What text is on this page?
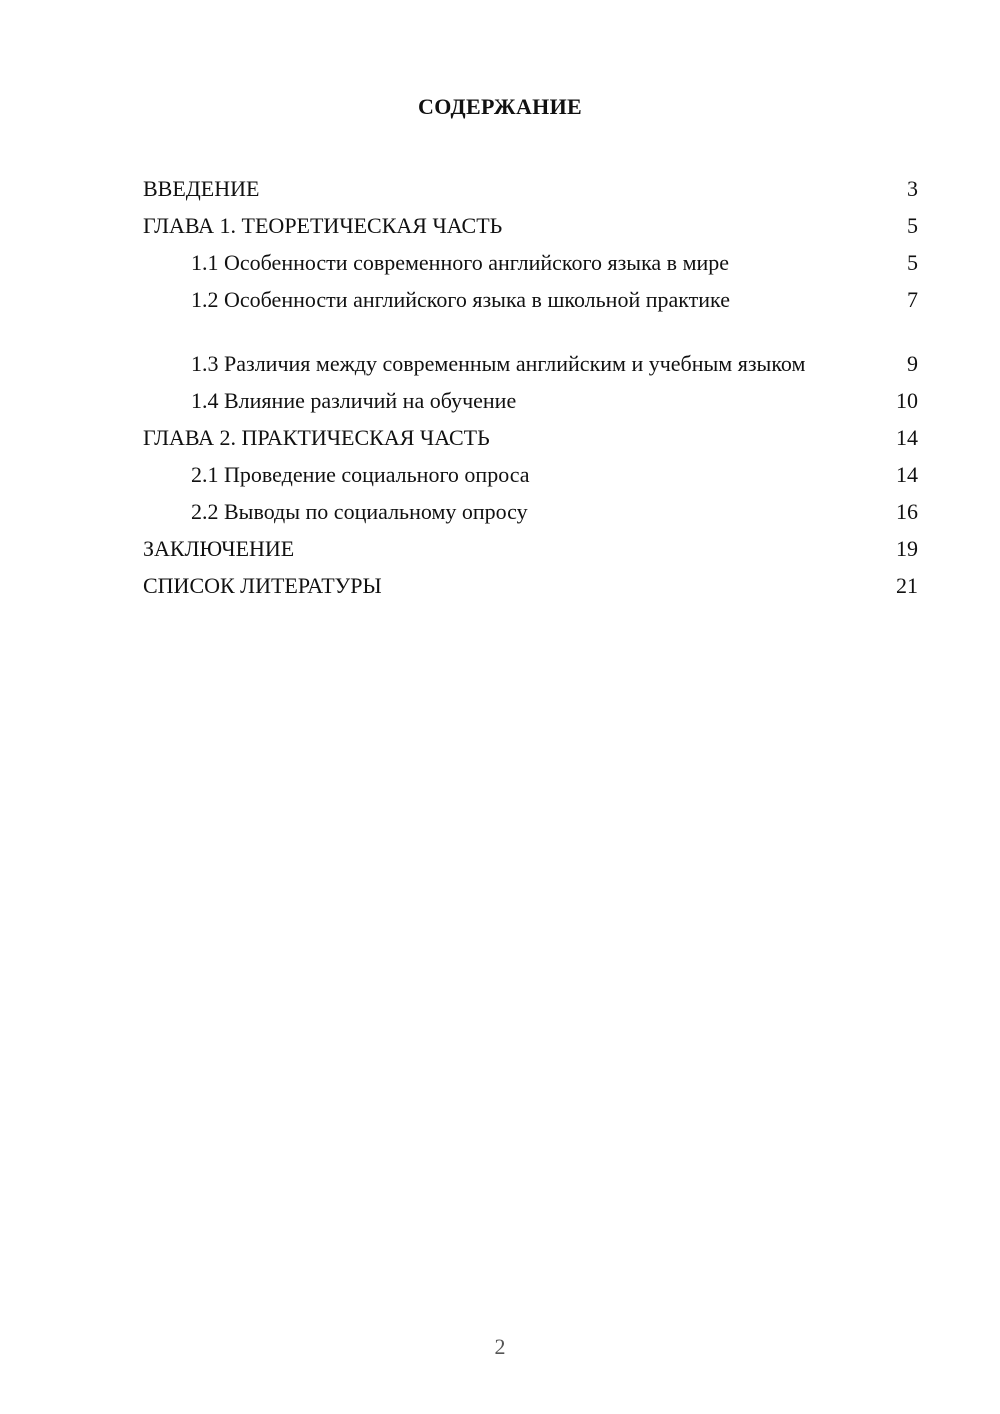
СОДЕРЖАНИЕ
ВВЕДЕНИЕ	3
ГЛАВА 1. ТЕОРЕТИЧЕСКАЯ ЧАСТЬ	5
1.1 Особенности современного английского языка в мире	5
1.2 Особенности английского языка в школьной практике	7
1.3 Различия между современным английским и учебным языком	9
1.4 Влияние различий на обучение	10
ГЛАВА 2. ПРАКТИЧЕСКАЯ ЧАСТЬ	14
2.1 Проведение социального опроса	14
2.2 Выводы по социальному опросу	16
ЗАКЛЮЧЕНИЕ	19
СПИСОК ЛИТЕРАТУРЫ	21
2
